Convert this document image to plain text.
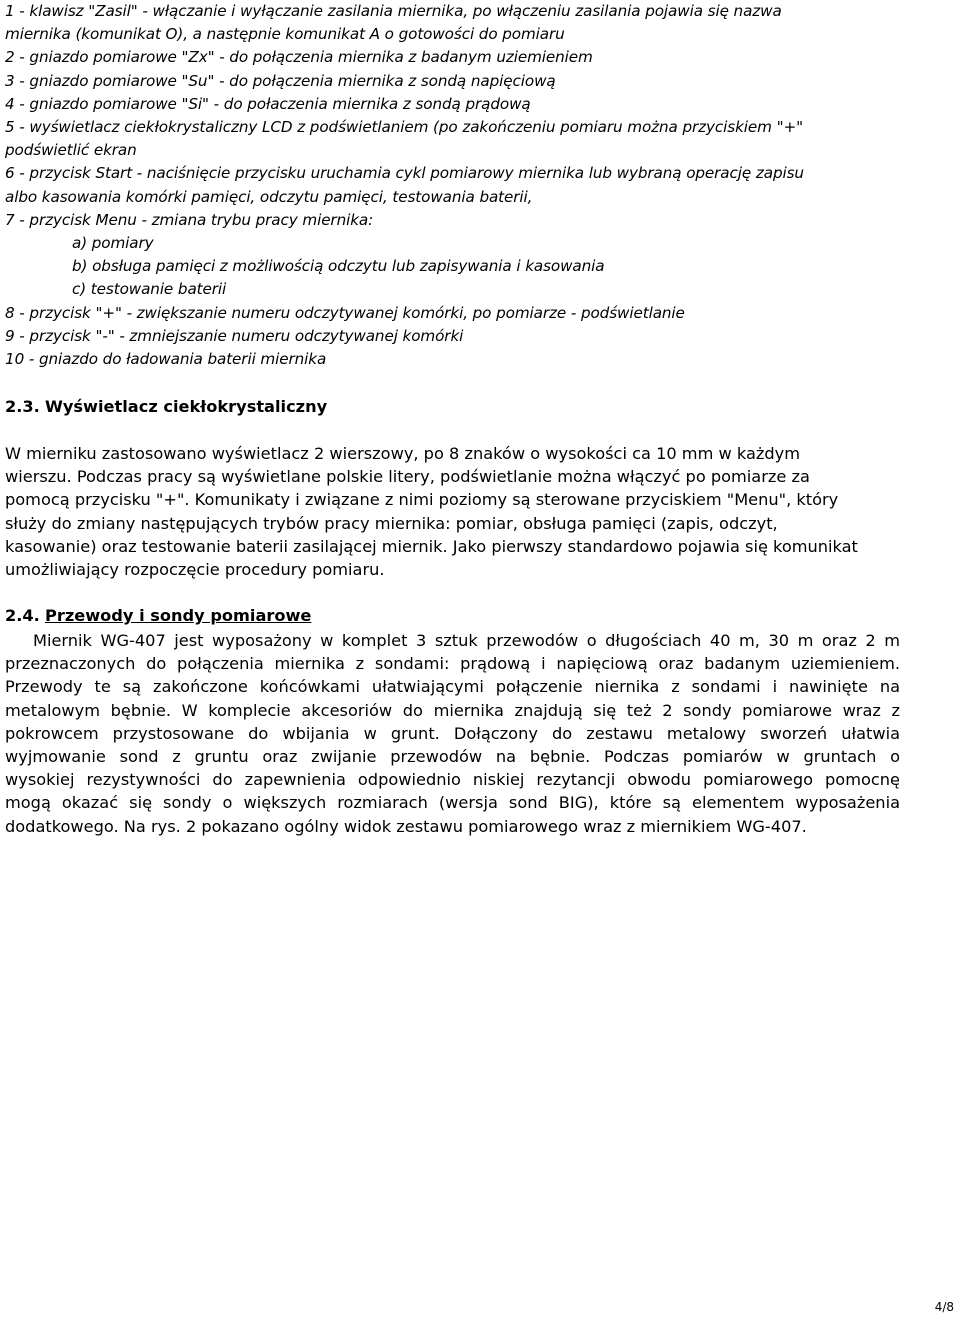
1 - klawisz "Zasil" - włączanie i wyłączanie zasilania miernika, po włączeniu zasilania pojawia się nazwa
miernika (komunikat O), a następnie komunikat A o gotowości do pomiaru
2 - gniazdo pomiarowe "Zx" - do połączenia miernika z badanym uziemieniem
3 - gniazdo pomiarowe "Su" - do połączenia miernika z sondą napięciową
4 - gniazdo pomiarowe "Si" - do połaczenia miernika z sondą prądową
5 - wyświetlacz ciekłokrystaliczny LCD z podświetlaniem (po zakończeniu pomiaru można przyciskiem "+"
podświetlić ekran
6 - przycisk Start - naciśnięcie przycisku uruchamia cykl pomiarowy miernika lub wybraną operację zapisu
albo kasowania komórki pamięci, odczytu pamięci, testowania baterii,
7 - przycisk Menu - zmiana trybu pracy miernika:
a) pomiary
b) obsługa pamięci z możliwością odczytu lub zapisywania i kasowania
c) testowanie baterii
8 - przycisk "+" - zwiększanie numeru odczytywanej komórki, po pomiarze - podświetlanie
9 - przycisk "-" - zmniejszanie numeru odczytywanej komórki
10 - gniazdo do ładowania baterii miernika
2.3. Wyświetlacz ciekłokrystaliczny
W mierniku zastosowano wyświetlacz 2 wierszowy, po 8 znaków o wysokości ca 10 mm w każdym
wierszu. Podczas pracy są wyświetlane polskie litery, podświetlanie można włączyć po pomiarze za
pomocą przycisku "+". Komunikaty i związane z nimi poziomy są sterowane przyciskiem "Menu", który
służy do zmiany następujących trybów pracy miernika: pomiar, obsługa pamięci (zapis, odczyt,
kasowanie) oraz testowanie baterii zasilającej miernik. Jako pierwszy standardowo pojawia się komunikat
umożliwiający rozpoczęcie procedury pomiaru.
2.4. Przewody i sondy pomiarowe
Miernik WG-407 jest wyposażony w komplet 3 sztuk przewodów o długościach 40 m, 30 m oraz 2 m
przeznaczonych do połączenia miernika z sondami: prądową i napięciową oraz badanym uziemieniem.
Przewody te są zakończone końcówkami ułatwiającymi połączenie niernika z sondami i nawinięte na
metalowym bębnie. W komplecie akcesoriów do miernika znajdują się też 2 sondy pomiarowe wraz z
pokrowcem przystosowane do wbijania w grunt. Dołączony do zestawu metalowy sworzeń ułatwia
wyjmowanie sond z gruntu oraz zwijanie przewodów na bębnie. Podczas pomiarów w gruntach o
wysokiej rezystywności do zapewnienia odpowiednio niskiej rezytancji obwodu pomiarowego pomocnę
mogą okazać się sondy o większych rozmiarach (wersja sond BIG), które są elementem wyposażenia
dodatkowego. Na rys. 2 pokazano ogólny widok zestawu pomiarowego wraz z miernikiem WG-407.
4/8
